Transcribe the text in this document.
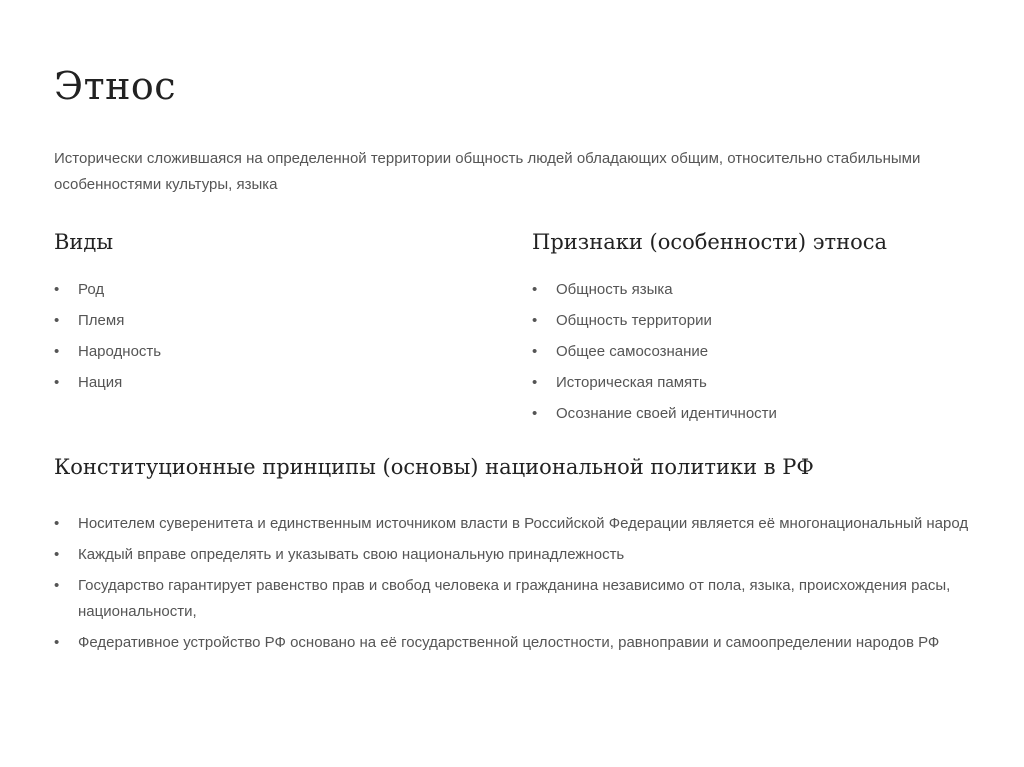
Этнос

Исторически сложившаяся на определенной территории общность людей обладающих общим, относительно стабильными особенностями культуры, языка

Виды
• Род
• Племя
• Народность
• Нация
Признаки (особенности) этноса
• Общность языка
• Общность территории
• Общее самосознание
• Историческая память
• Осознание своей идентичности
Конституционные принципы (основы) национальной политики в РФ
• Носителем суверенитета и единственным источником власти в Российской Федерации является её многонациональный народ
• Каждый вправе определять и указывать свою национальную принадлежность
• Государство гарантирует равенство прав и свобод человека и гражданина независимо от пола, языка, происхождения расы, национальности,
• Федеративное устройство РФ основано на её государственной целостности, равноправии и самоопределении народов РФ
